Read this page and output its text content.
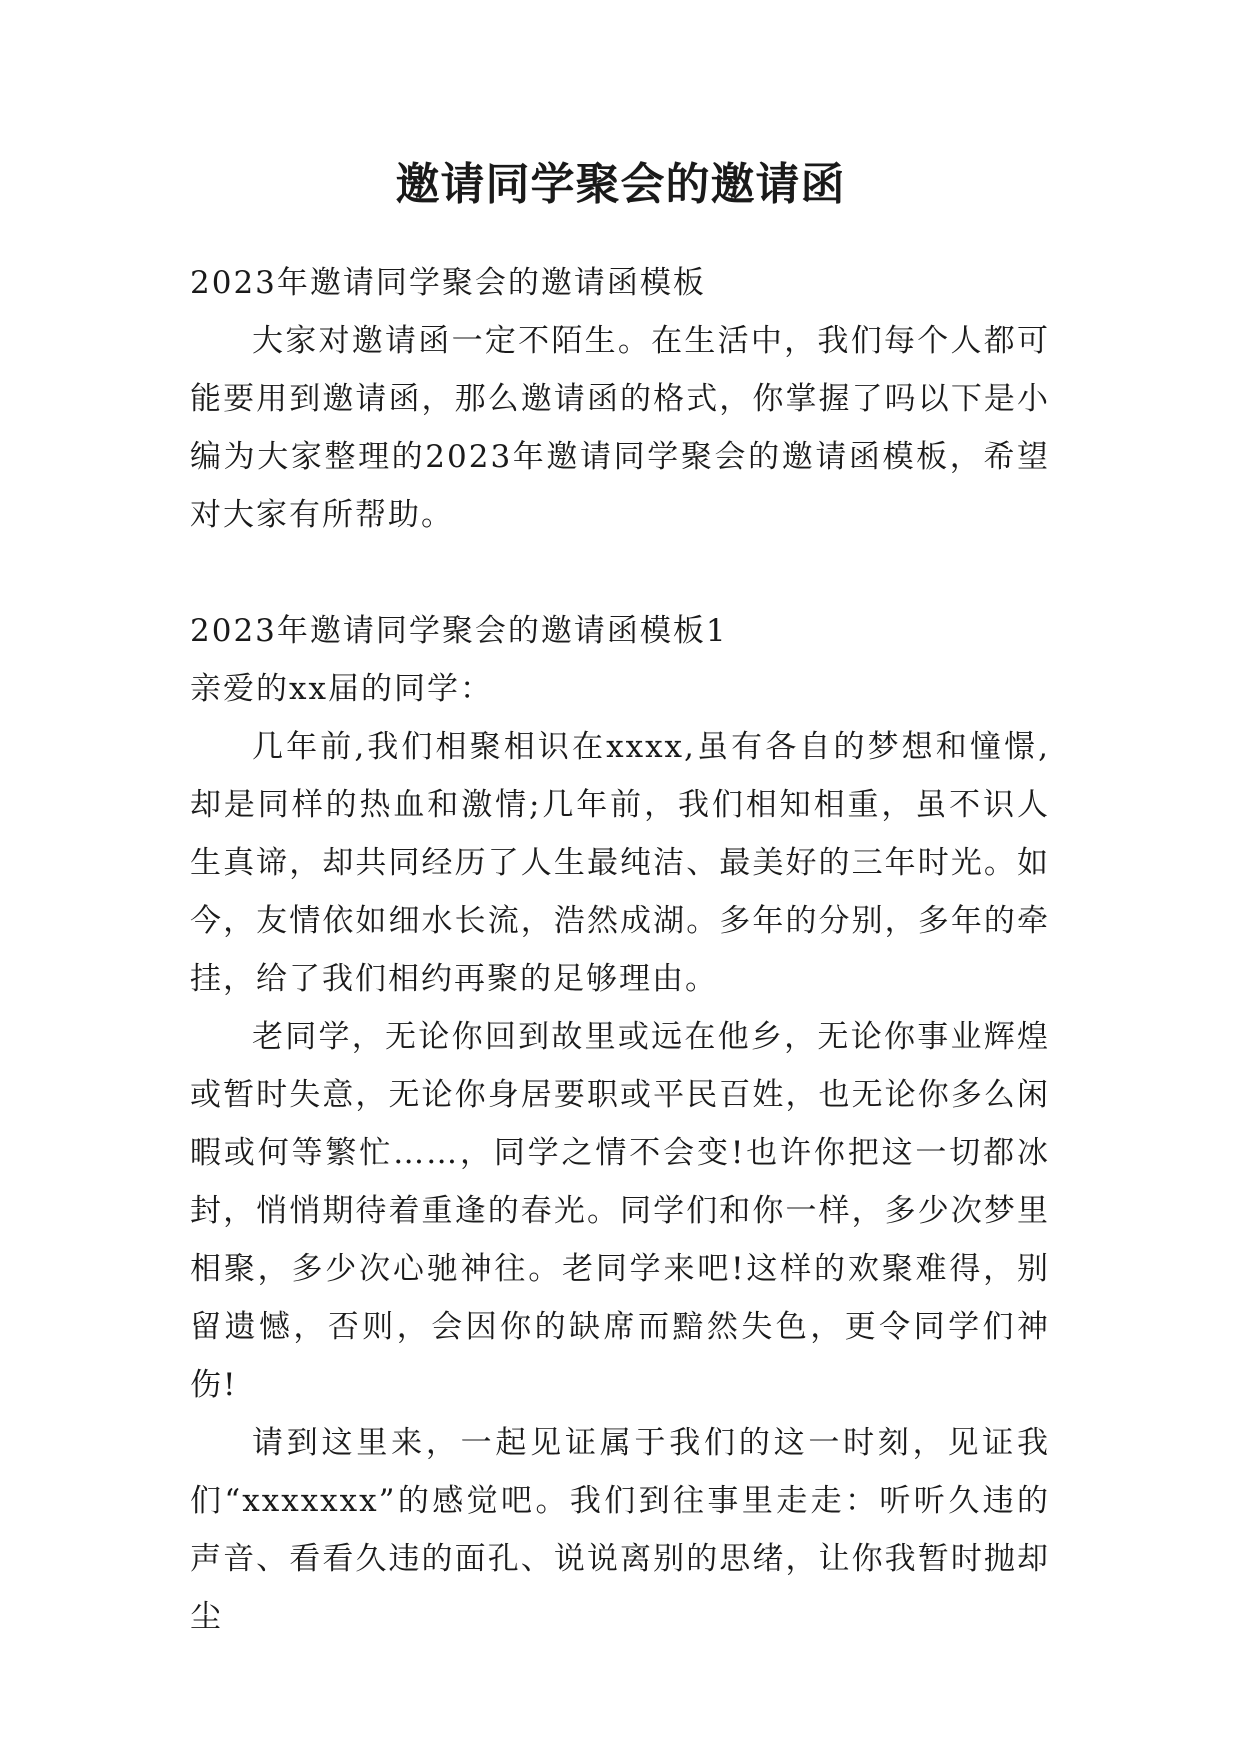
邀请同学聚会的邀请函

2023年邀请同学聚会的邀请函模板

大家对邀请函一定不陌生。在生活中，我们每个人都可能要用到邀请函，那么邀请函的格式，你掌握了吗以下是小编为大家整理的2023年邀请同学聚会的邀请函模板，希望对大家有所帮助。

2023年邀请同学聚会的邀请函模板1

亲爱的xx届的同学：

几年前,我们相聚相识在xxxx,虽有各自的梦想和憧憬,却是同样的热血和激情;几年前，我们相知相重，虽不识人生真谛，却共同经历了人生最纯洁、最美好的三年时光。如今，友情依如细水长流，浩然成湖。多年的分别，多年的牵挂，给了我们相约再聚的足够理由。

老同学，无论你回到故里或远在他乡，无论你事业辉煌或暂时失意，无论你身居要职或平民百姓，也无论你多么闲暇或何等繁忙……，同学之情不会变!也许你把这一切都冰封，悄悄期待着重逢的春光。同学们和你一样，多少次梦里相聚，多少次心驰神往。老同学来吧!这样的欢聚难得，别留遗憾，否则，会因你的缺席而黯然失色，更令同学们神伤!

请到这里来，一起见证属于我们的这一时刻，见证我们“xxxxxxx”的感觉吧。我们到往事里走走：听听久违的声音、看看久违的面孔、说说离别的思绪，让你我暂时抛却尘
